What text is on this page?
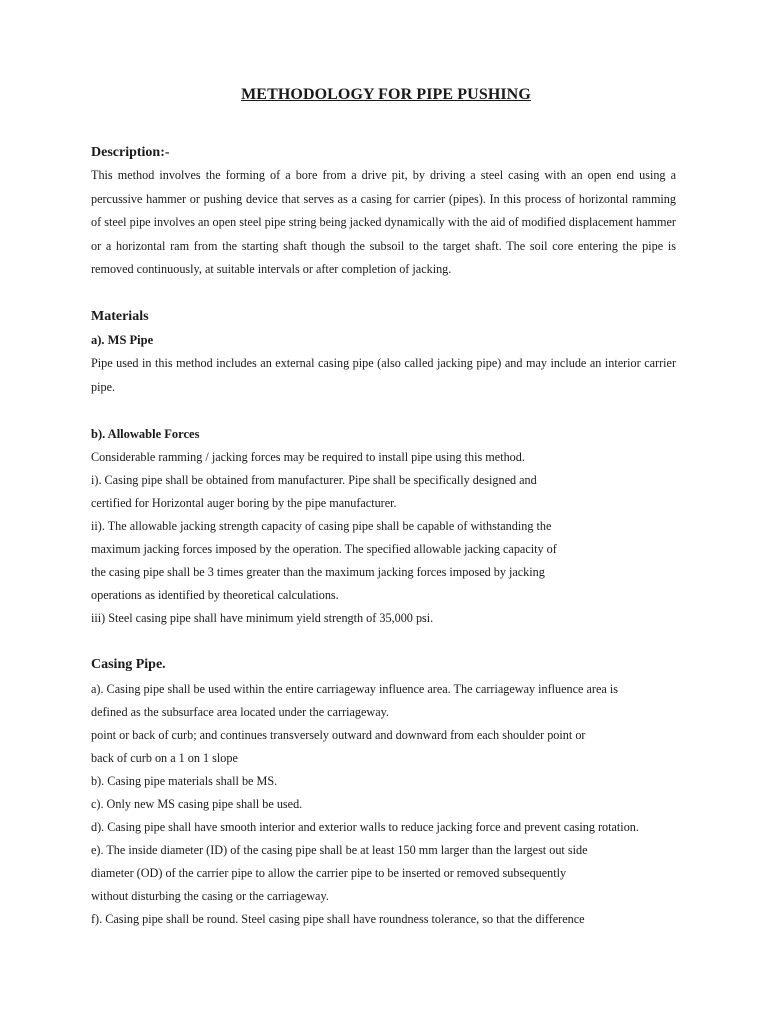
METHODOLOGY FOR PIPE PUSHING
Description:-
This method involves the forming of a bore from a drive pit, by driving a steel casing with an open end using a percussive hammer or pushing device that serves as a casing for carrier (pipes). In this process of horizontal ramming of steel pipe involves an open steel pipe string being jacked dynamically with the aid of modified displacement hammer or a horizontal ram from the starting shaft though the subsoil to the target shaft. The soil core entering the pipe is removed continuously, at suitable intervals or after completion of jacking.
Materials
a). MS Pipe
Pipe used in this method includes an external casing pipe (also called jacking pipe) and may include an interior carrier pipe.
b). Allowable Forces
Considerable ramming / jacking forces may be required to install pipe using this method.
i). Casing pipe shall be obtained from manufacturer. Pipe shall be specifically designed and
certified for Horizontal auger boring by the pipe manufacturer.
ii). The allowable jacking strength capacity of casing pipe shall be capable of withstanding the
maximum jacking forces imposed by the operation. The specified allowable jacking capacity of
the casing pipe shall be 3 times greater than the maximum jacking forces imposed by jacking
operations as identified by theoretical calculations.
iii) Steel casing pipe shall have minimum yield strength of 35,000 psi.
Casing Pipe.
a). Casing pipe shall be used within the entire carriageway influence area. The carriageway influence area is
defined as the subsurface area located under the carriageway.
point or back of curb; and continues transversely outward and downward from each shoulder point or
back of curb on a 1 on 1 slope
b). Casing pipe materials shall be MS.
c). Only new MS casing pipe shall be used.
d). Casing pipe shall have smooth interior and exterior walls to reduce jacking force and prevent casing rotation.
e). The inside diameter (ID) of the casing pipe shall be at least 150 mm larger than the largest out side
diameter (OD) of the carrier pipe to allow the carrier pipe to be inserted or removed subsequently
without disturbing the casing or the carriageway.
f). Casing pipe shall be round. Steel casing pipe shall have roundness tolerance, so that the difference
